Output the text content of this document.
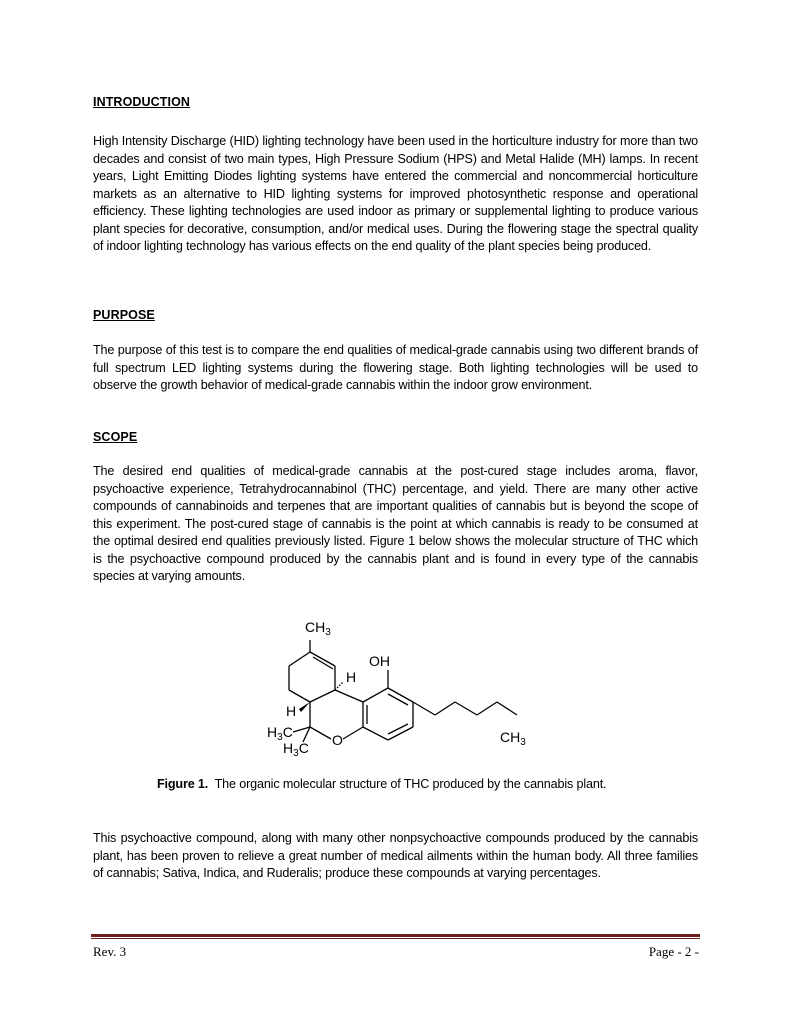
INTRODUCTION
High Intensity Discharge (HID) lighting technology have been used in the horticulture industry for more than two decades and consist of two main types, High Pressure Sodium (HPS) and Metal Halide (MH) lamps. In recent years, Light Emitting Diodes lighting systems have entered the commercial and noncommercial horticulture markets as an alternative to HID lighting systems for improved photosynthetic response and operational efficiency. These lighting technologies are used indoor as primary or supplemental lighting to produce various plant species for decorative, consumption, and/or medical uses. During the flowering stage the spectral quality of indoor lighting technology has various effects on the end quality of the plant species being produced.
PURPOSE
The purpose of this test is to compare the end qualities of medical-grade cannabis using two different brands of full spectrum LED lighting systems during the flowering stage. Both lighting technologies will be used to observe the growth behavior of medical-grade cannabis within the indoor grow environment.
SCOPE
The desired end qualities of medical-grade cannabis at the post-cured stage includes aroma, flavor, psychoactive experience, Tetrahydrocannabinol (THC) percentage, and yield. There are many other active compounds of cannabinoids and terpenes that are important qualities of cannabis but is beyond the scope of this experiment. The post-cured stage of cannabis is the point at which cannabis is ready to be consumed at the optimal desired end qualities previously listed. Figure 1 below shows the molecular structure of THC which is the psychoactive compound produced by the cannabis plant and is found in every type of the cannabis species at varying amounts.
$CH_3$
OH
H
H
$H_3C$
$H_3C$ O	$CH_3$
Figure 1.  The organic molecular structure of THC produced by the cannabis plant.
This psychoactive compound, along with many other nonpsychoactive compounds produced by the cannabis plant, has been proven to relieve a great number of medical ailments within the human body. All three families of cannabis; Sativa, Indica, and Ruderalis; produce these compounds at varying percentages.
Rev. 3	Page - 2 -
